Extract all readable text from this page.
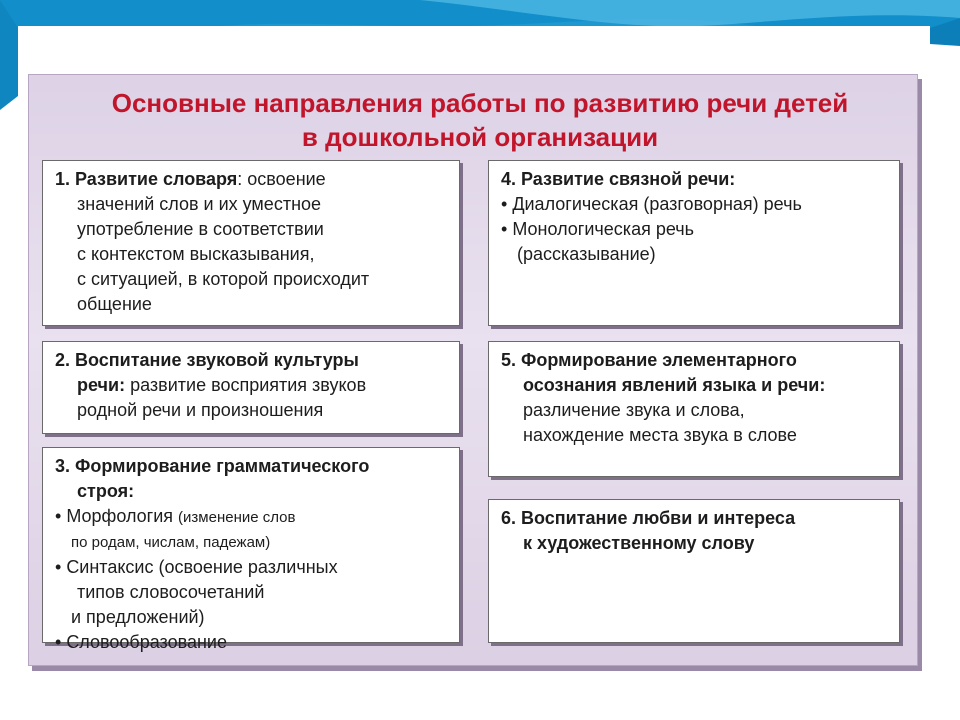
Основные направления работы по развитию речи детей
в дошкольной организации
1. Развитие словаря: освоение
значений слов и их уместное
употребление в соответствии
с контекстом высказывания,
с ситуацией, в которой происходит
общение
2. Воспитание звуковой культуры
речи: развитие восприятия звуков
родной речи и произношения
3. Формирование грамматического
строя:
• Морфология (изменение слов
по родам, числам, падежам)
• Синтаксис (освоение различных
типов словосочетаний
и предложений)
• Словообразование
4. Развитие связной речи:
• Диалогическая (разговорная) речь
• Монологическая речь
(рассказывание)
5. Формирование элементарного
осознания явлений языка и речи:
различение звука и слова,
нахождение места звука в слове
6. Воспитание любви и интереса
к художественному слову
